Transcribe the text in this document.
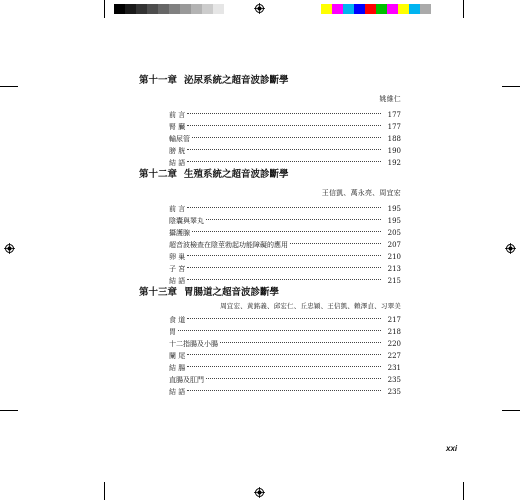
第十一章 泌尿系統之超音波診斷學
姚維仁
前 言	177
腎 臟	177
輸尿管	188
膀 胱	190
結 語	192
第十二章 生殖系統之超音波診斷學
王信凱、萬永亮、周宜宏
前 言	195
陰囊與睪丸	195
攝護腺	205
超音波檢查在陰莖勃起功能障礙的應用	207
卵 巢	210
子 宮	213
結 語	215
第十三章 胃腸道之超音波診斷學
周宜宏、黃銘義、邱宏仁、丘忠穎、王信凱、賴澤貞、习翠美
食 道	217
胃	218
十二指腸及小腸	220
闌 尾	227
結 腸	231
直腸及肛門	235
結 語	235
xxi
